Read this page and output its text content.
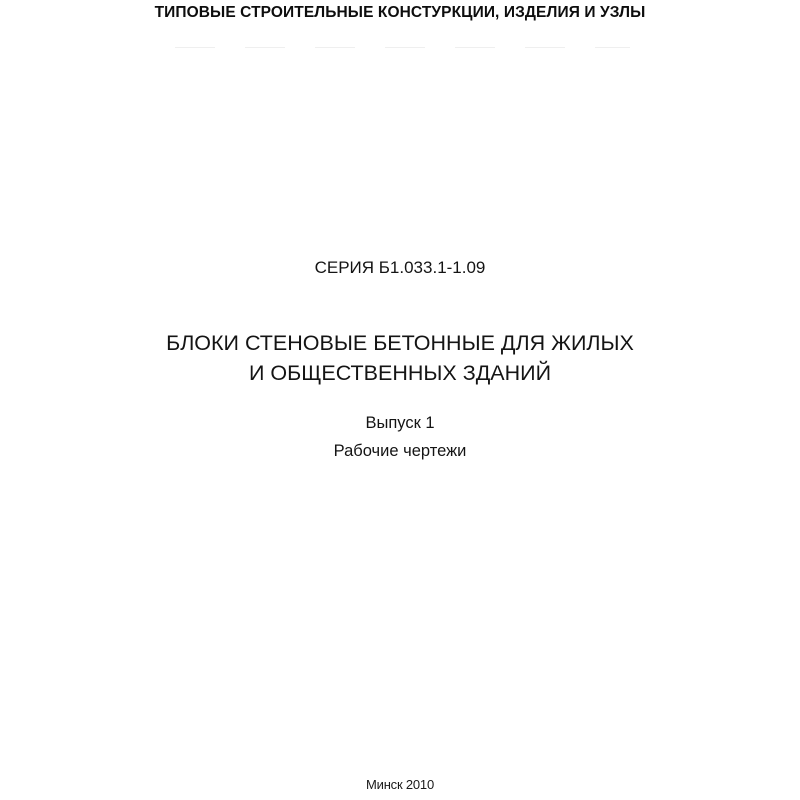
ТИПОВЫЕ СТРОИТЕЛЬНЫЕ КОНСТУРКЦИИ, ИЗДЕЛИЯ И УЗЛЫ
СЕРИЯ Б1.033.1-1.09
БЛОКИ СТЕНОВЫЕ БЕТОННЫЕ ДЛЯ ЖИЛЫХ
И ОБЩЕСТВЕННЫХ ЗДАНИЙ
Выпуск 1
Рабочие чертежи
Минск 2010
